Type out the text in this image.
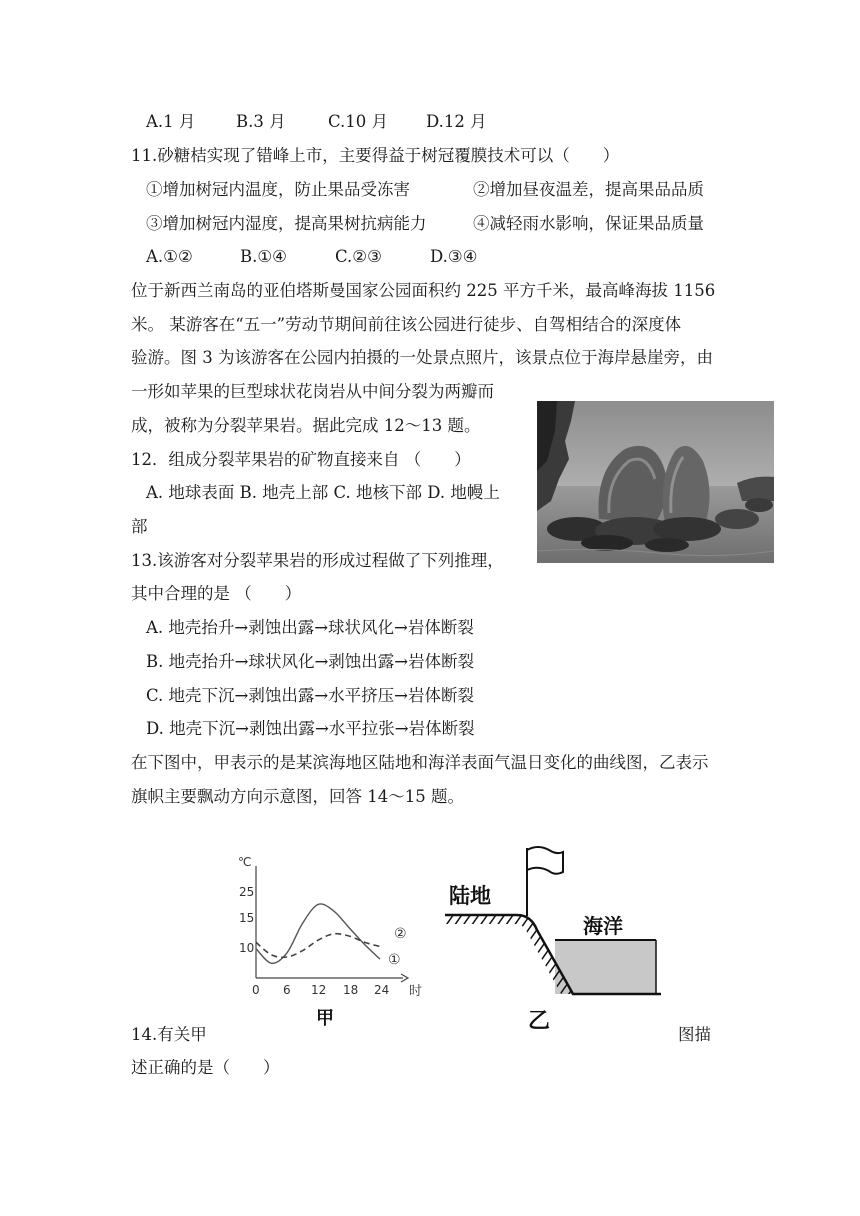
A.1 月 B.3 月	C.10 月 D.12 月
11.砂糖桔实现了错峰上市，主要得益于树冠覆膜技术可以（　　）
①增加树冠内温度，防止果品受冻害	②增加昼夜温差，提高果品品质
③增加树冠内湿度，提高果树抗病能力	④减轻雨水影响，保证果品质量
A.①②	B.①④	C.②③	D.③④
位于新西兰南岛的亚伯塔斯曼国家公园面积约 225 平方千米，最高峰海拔 1156
米。 某游客在“五一”劳动节期间前往该公园进行徒步、自驾相结合的深度体
验游。图 3 为该游客在公园内拍摄的一处景点照片，该景点位于海岸悬崖旁，由
一形如苹果的巨型球状花岗岩从中间分裂为两瓣而
成，被称为分裂苹果岩。据此完成 12～13 题。
12．组成分裂苹果岩的矿物直接来自 （　　）
A. 地球表面 B. 地壳上部 C. 地核下部 D. 地幔上
部
13.该游客对分裂苹果岩的形成过程做了下列推理，
其中合理的是 （　　）
A. 地壳抬升→剥蚀出露→球状风化→岩体断裂
B. 地壳抬升→球状风化→剥蚀出露→岩体断裂
C. 地壳下沉→剥蚀出露→水平挤压→岩体断裂
D. 地壳下沉→剥蚀出露→水平拉张→岩体断裂
在下图中，甲表示的是某滨海地区陆地和海洋表面气温日变化的曲线图，乙表示
旗帜主要飘动方向示意图，回答 14～15 题。
℃
25
15
10
0 6 12 18 24 时
②
①
甲
陆地
海洋
乙
14.有关甲	图描
述正确的是（　　）
